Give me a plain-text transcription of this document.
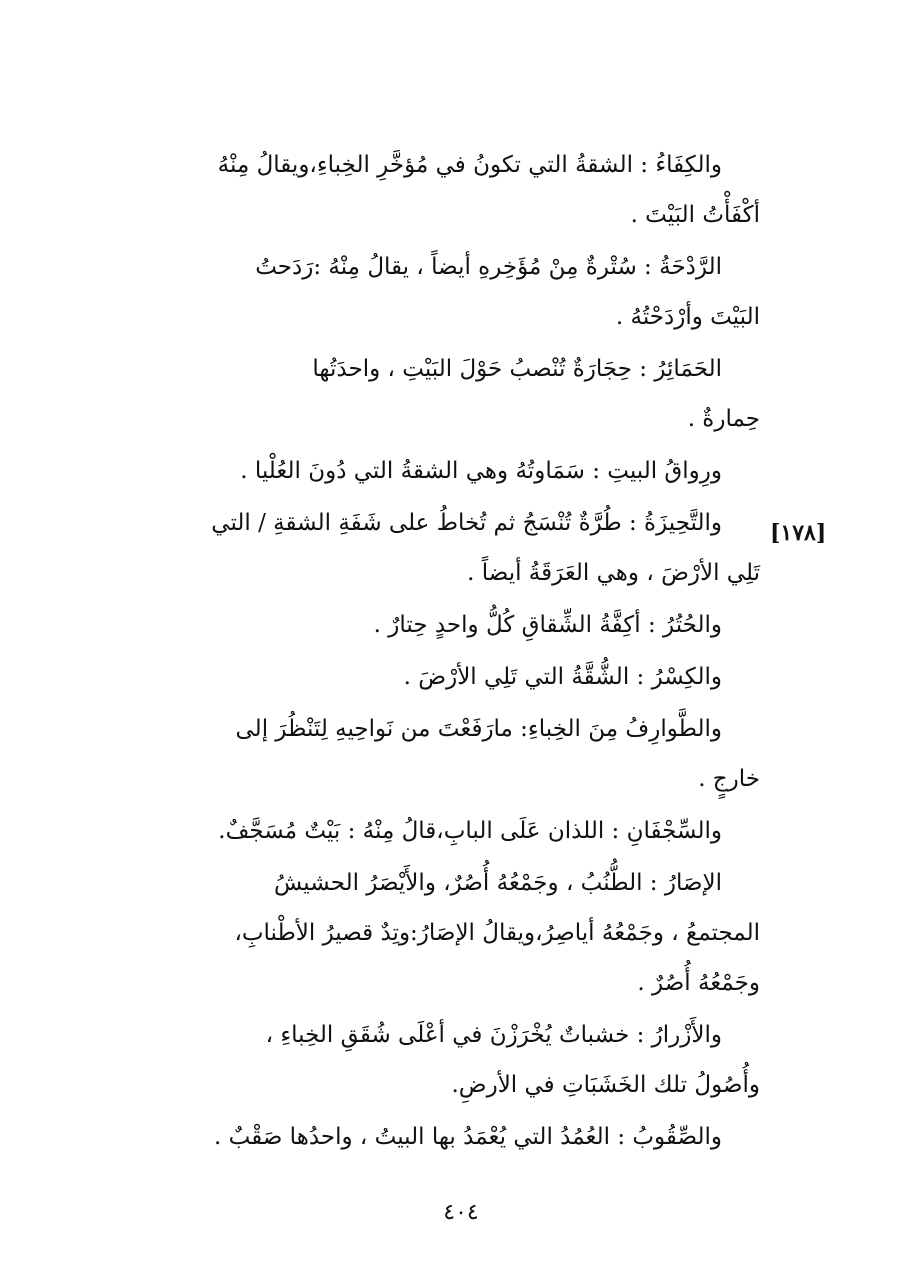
والكِفَاءُ : الشقةُ التي تكونُ في مُؤخَّرِ الخِباءِ،ويقالُ مِنْهُ
أكْفَأْتُ البَيْتَ .

الرَّدْحَةُ : سُتْرةٌ مِنْ مُؤَخِرهِ أيضاً ، يقالُ مِنْهُ :رَدَحتُ
البَيْتَ وأرْدَحْتُهُ .

الحَمَائِرُ : حِجَارَةٌ تُنْصبُ حَوْلَ البَيْتِ ، واحدَتُها
حِمارةٌ .

ورِواقُ البيتِ : سَمَاوتُهُ وهي الشقةُ التي دُونَ العُلْيا .

والتَّحِيزَةُ : طُرَّةٌ تُنْسَجُ ثم تُخاطُ على شَفَةِ الشقةِ / التي
تَلِي الأرْضَ ، وهي العَرَقَةُ أيضاً .

والحُتُرُ : أكِفَّةُ الشِّقاقِ كُلُّ واحدٍ حِتارٌ .

والكِسْرُ : الشُّقَّةُ التي تَلِي الأرْضَ .

والطَّوارِفُ مِنَ الخِباءِ: مارَفَعْتَ من نَواحِيهِ لِتَنْظُرَ إلى
خارجٍ .

والسِّجْفَانِ : اللذان عَلَى البابِ،قالُ مِنْهُ : بَيْتٌ مُسَجَّفٌ.

الإصَارُ : الطُّنُبُ ، وجَمْعُهُ أُصُرٌ، والأَيْصَرُ الحشيشُ
المجتمعُ ، وجَمْعُهُ أياصِرُ،ويقالُ الإصَارُ:وتِدٌ قصيرُ الأطْنابِ،
وجَمْعُهُ أُصُرٌ .

والأَزْرارُ : خشباتٌ يُخْرَزْنَ في أعْلَى شُقَقِ الخِباءِ ،
وأُصُولُ تلك الخَشَبَاتِ في الأرضِ.

والصِّقُوبُ : العُمُدُ التي يُعْمَدُ بها البيتُ ، واحدُها صَقْبٌ .

[١٧٨]
٤٠٤
